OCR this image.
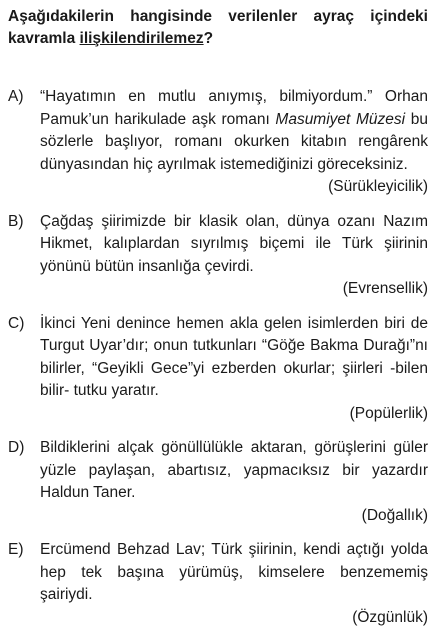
Aşağıdakilerin hangisinde verilenler ayraç içindeki kavramla ilişkilendirilemez?
A) “Hayatımın en mutlu anıymış, bilmiyordum.” Orhan Pamuk’un harikulade aşk romanı Masumiyet Müzesi bu sözlerle başlıyor, romanı okurken kitabın rengârenk dünyasından hiç ayrılmak istemediğinizi göreceksiniz.
(Sürükleyicilik)
B) Çağdaş şiirimizde bir klasik olan, dünya ozanı Nazım Hikmet, kalıplardan sıyrılmış biçemi ile Türk şiirinin yönünü bütün insanlığa çevirdi.
(Evrensellik)
C) İkinci Yeni denince hemen akla gelen isimlerden biri de Turgut Uyar’dır; onun tutkunları “Göğe Bakma Durağı”nı bilirler, “Geyikli Gece”yi ezberden okurlar; şiirleri -bilen bilir- tutku yaratır.
(Popülerlik)
D) Bildiklerini alçak gönüllülükle aktaran, görüşlerini güler yüzle paylaşan, abartısız, yapmacıksız bir yazardır Haldun Taner.
(Doğallık)
E) Ercümend Behzad Lav; Türk şiirinin, kendi açtığı yolda hep tek başına yürümüş, kimselere benzememiş şairiydi.
(Özgünlük)
